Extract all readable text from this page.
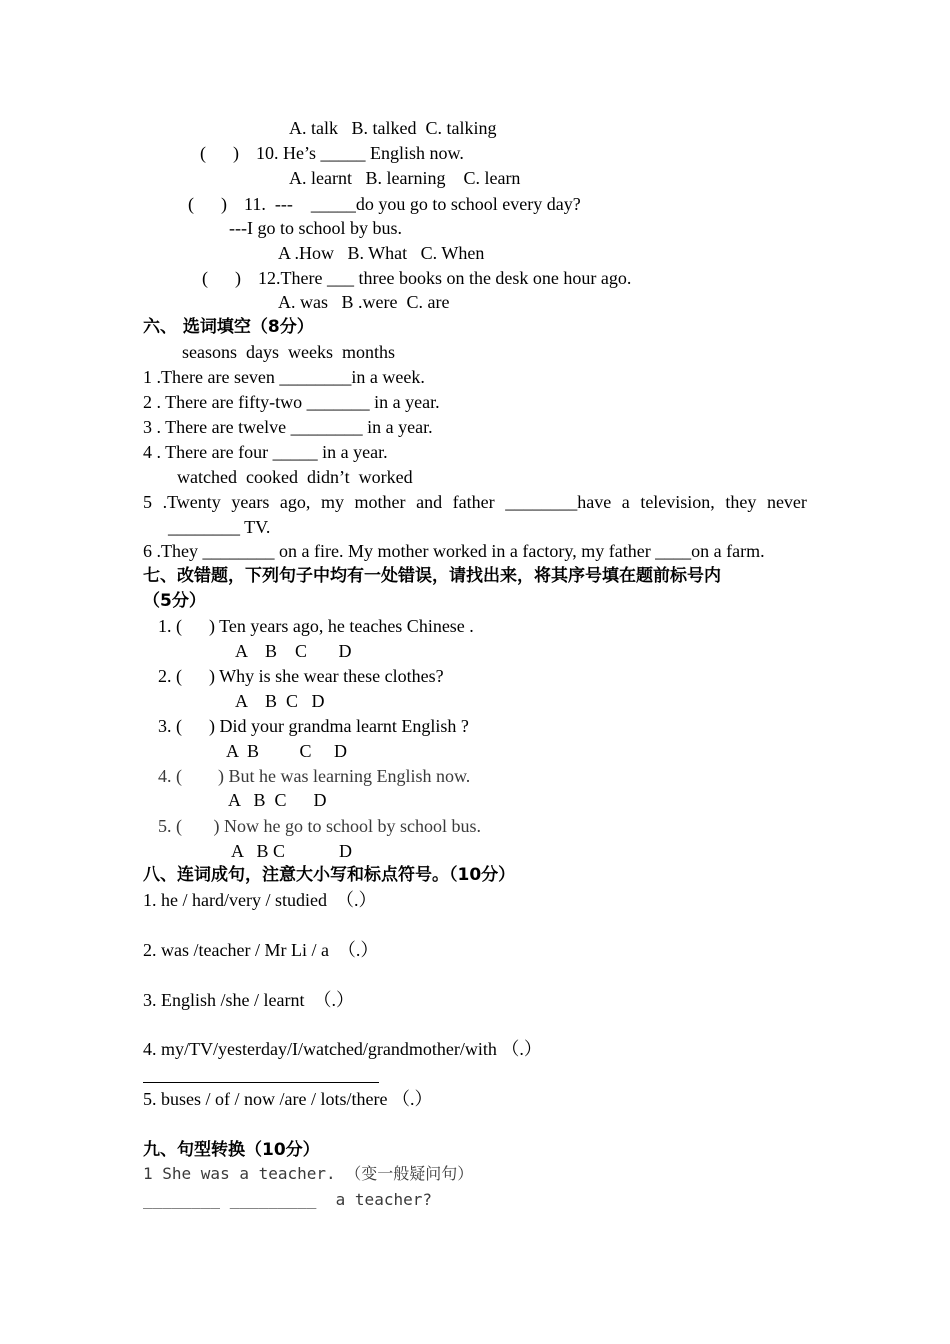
A. talk   B. talked  C. talking
(      ) 10. He’s _____ English now.
A. learnt   B. learning    C. learn
(      ) 11.  ---    _____do you go to school every day?
---I go to school by bus.
A .How   B. What   C. When
(      ) 12.There ___ three books on the desk one hour ago.
A. was   B .were  C. are
六、 选词填空（8分）
seasons  days  weeks  months
1 .There are seven ________in a week.
2 . There are fifty-two _______ in a year.
3 . There are twelve ________ in a year.
4 . There are four _____ in a year.
watched  cooked  didn’t  worked
5 .Twenty years ago, my mother and father ________have a television, they never
________ TV.
6 .They ________ on a fire. My mother worked in a factory, my father ____on a farm.
七、改错题，下列句子中均有一处错误，请找出来，将其序号填在题前标号内
（5分）
1. (      ) Ten years ago, he teaches Chinese .
A    B    C       D
2. (      ) Why is she wear these clothes?
A    B  C   D
3. (      ) Did your grandma learnt English ?
A  B         C     D
4. (        ) But he was learning English now.
A   B  C      D
5. (       ) Now he go to school by school bus.
A   B C            D
八、连词成句，注意大小写和标点符号。（10分）
1. he / hard/very / studied  （.）
2. was /teacher / Mr Li / a  （.）
3. English /she / learnt  （.）
4. my/TV/yesterday/I/watched/grandmother/with （.）
5. buses / of / now /are / lots/there （.）
九、句型转换（10分）
1 She was a teacher. （变一般疑问句）
________ _________  a teacher?
